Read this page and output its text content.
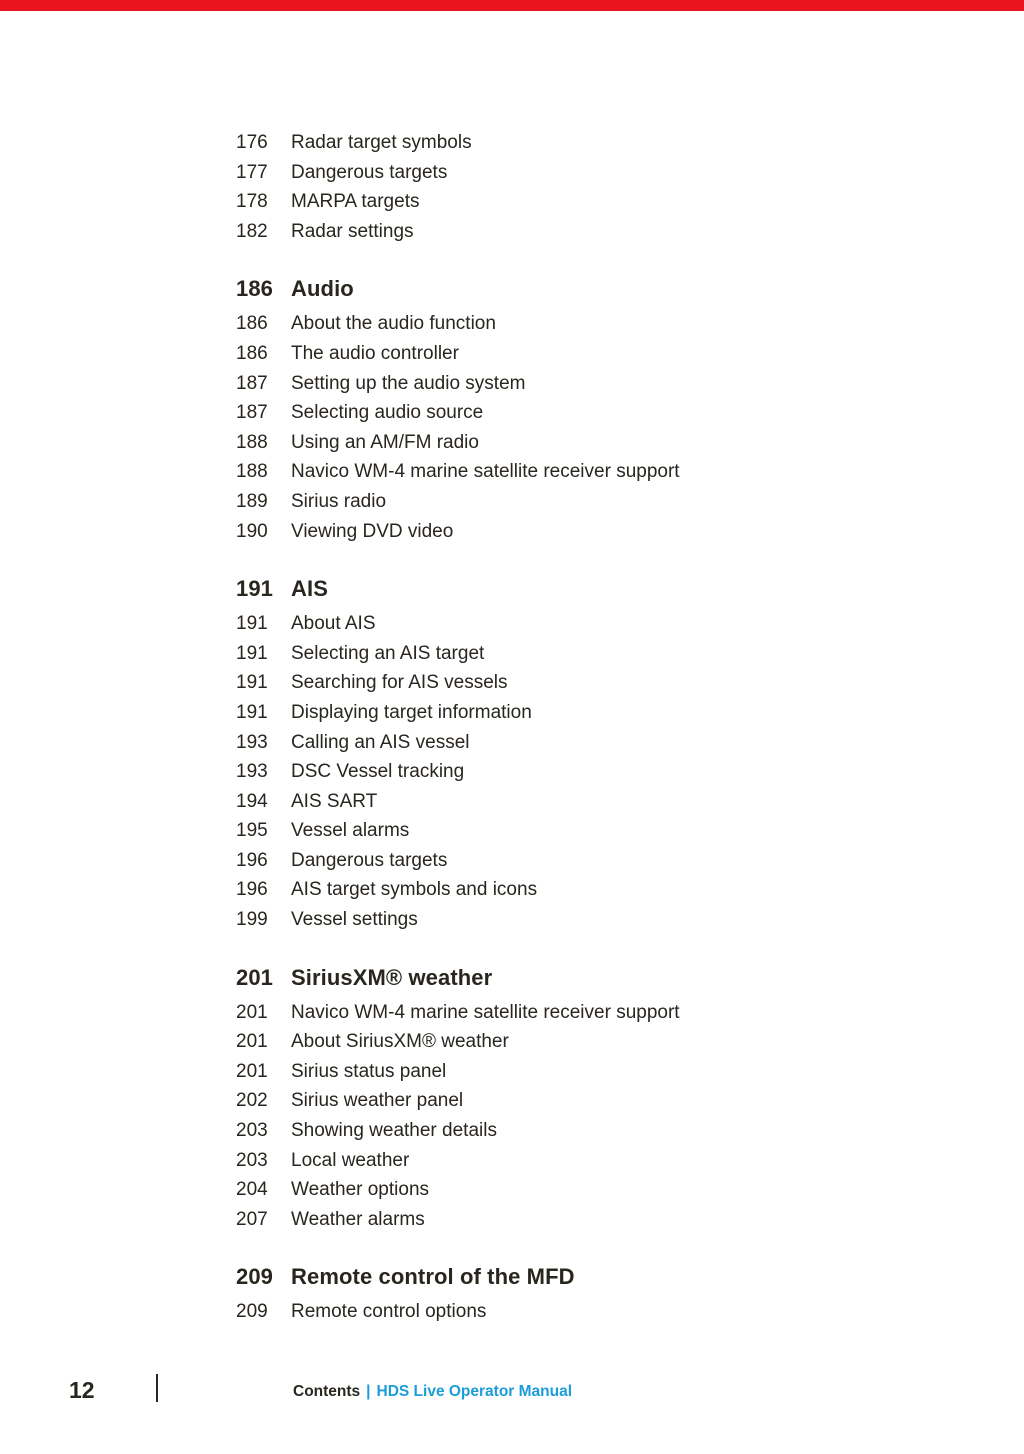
176	Radar target symbols
177	Dangerous targets
178	MARPA targets
182	Radar settings
186 Audio
186	About the audio function
186	The audio controller
187	Setting up the audio system
187	Selecting audio source
188	Using an AM/FM radio
188	Navico WM-4 marine satellite receiver support
189	Sirius radio
190	Viewing DVD video
191 AIS
191	About AIS
191	Selecting an AIS target
191	Searching for AIS vessels
191	Displaying target information
193	Calling an AIS vessel
193	DSC Vessel tracking
194	AIS SART
195	Vessel alarms
196	Dangerous targets
196	AIS target symbols and icons
199	Vessel settings
201 SiriusXM® weather
201	Navico WM-4 marine satellite receiver support
201	About SiriusXM® weather
201	Sirius status panel
202	Sirius weather panel
203	Showing weather details
203	Local weather
204	Weather options
207	Weather alarms
209 Remote control of the MFD
209	Remote control options
12	Contents | HDS Live Operator Manual
